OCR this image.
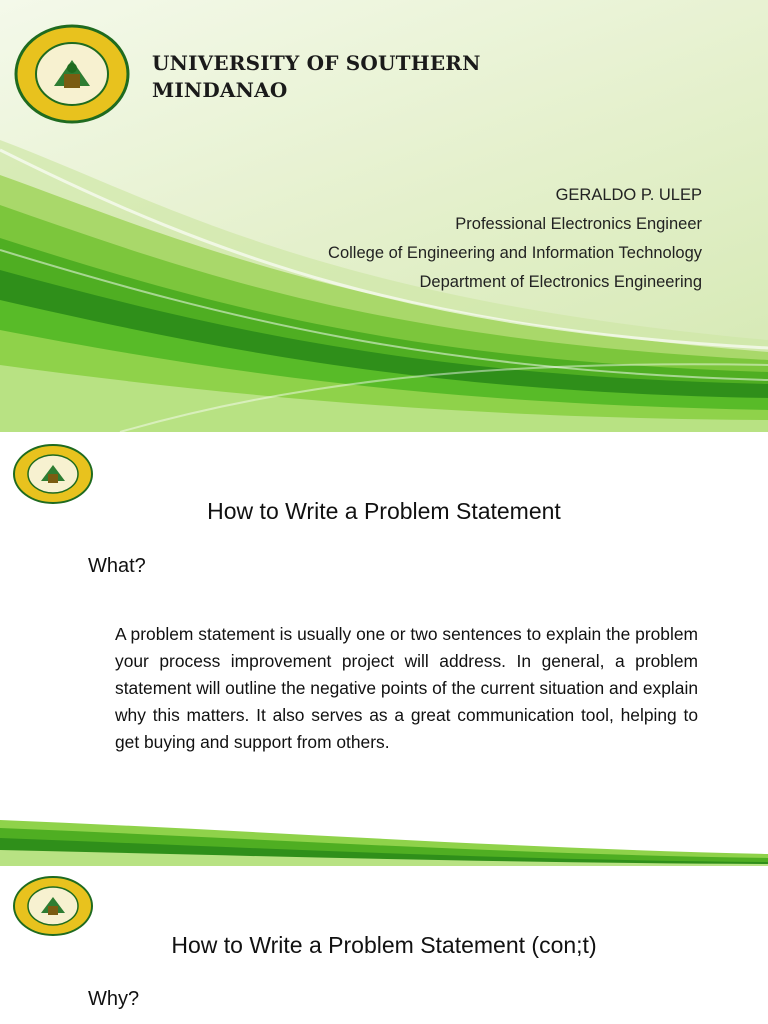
UNIVERSITY OF SOUTHERN
MINDANAO
GERALDO P. ULEP
Professional Electronics Engineer
College of Engineering and Information Technology
Department of Electronics Engineering
How to Write a Problem Statement
What?
A problem statement is usually one or two sentences to explain the problem your process improvement project will address. In general, a problem statement will outline the negative points of the current situation and explain why this matters. It also serves as a great communication tool, helping to get buying and support from others.
How to Write a Problem Statement (con;t)
Why?
